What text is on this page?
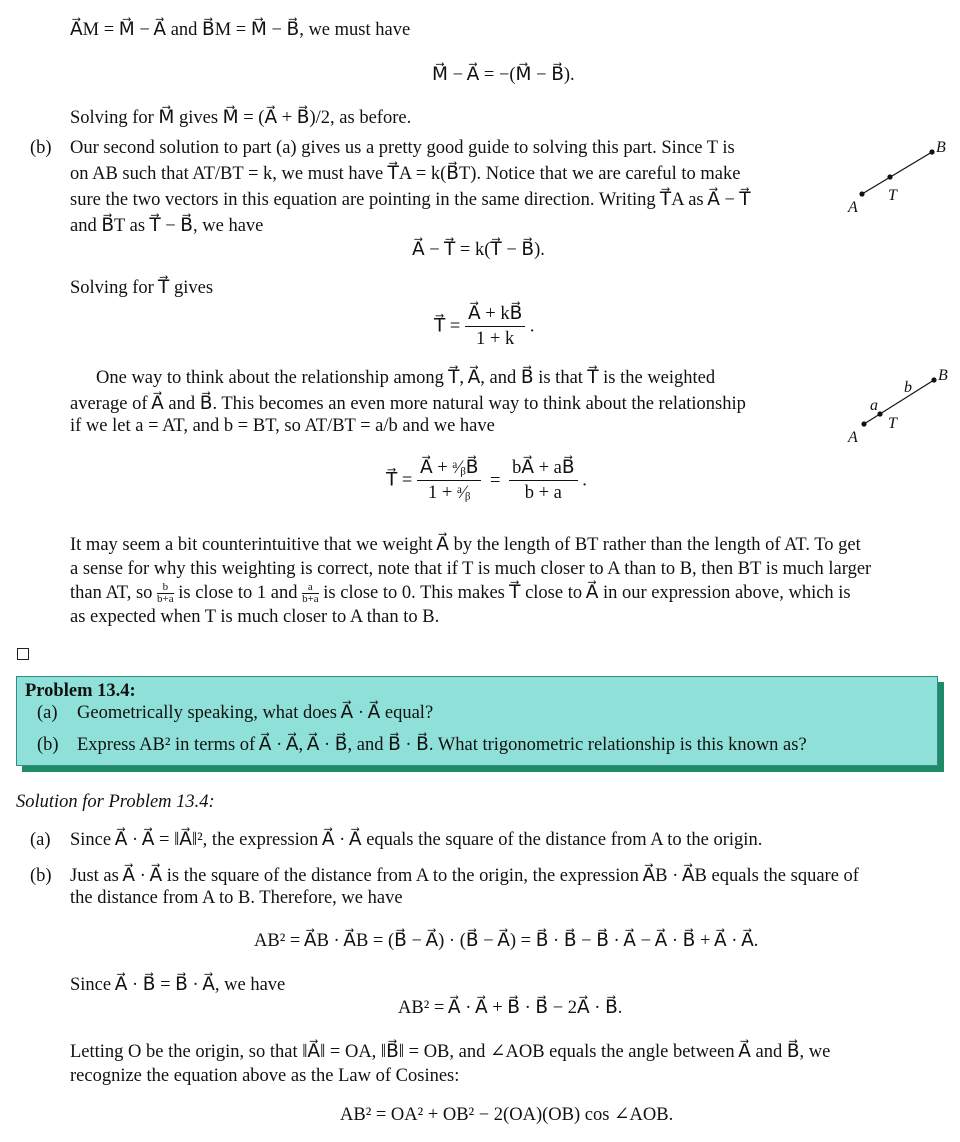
A⃗M = M⃗ − A⃗ and B⃗M = M⃗ − B⃗, we must have
M⃗ − A⃗ = −(M⃗ − B⃗).
Solving for M⃗ gives M⃗ = (A⃗ + B⃗)/2, as before.
(b) Our second solution to part (a) gives us a pretty good guide to solving this part. Since T is
on AB such that AT/BT = k, we must have T⃗A = k(B⃗T). Notice that we are careful to make
sure the two vectors in this equation are pointing in the same direction. Writing T⃗A as A⃗ − T⃗
and B⃗T as T⃗ − B⃗, we have
A⃗ − T⃗ = k(T⃗ − B⃗).
Solving for T⃗ gives
T⃗ = $\frac{A⃗ + kB⃗}{1 + k}$ .
One way to think about the relationship among T⃗, A⃗, and B⃗ is that T⃗ is the weighted
average of A⃗ and B⃗. This becomes an even more natural way to think about the relationship
if we let a = AT, and b = BT, so AT/BT = a/b and we have
T⃗ = $\frac{\text{A⃗ + ᵃ⁄ᵦB⃗}}{\text{1 + ᵃ⁄ᵦ}} = \frac{bA⃗ + aB⃗}{b + a}$ .
It may seem a bit counterintuitive that we weight A⃗ by the length of BT rather than the length of AT. To get
a sense for why this weighting is correct, note that if T is much closer to A than to B, then BT is much larger
than AT, so $\frac{b}{b+a}$ is close to 1 and $\frac{a}{b+a}$ is close to 0. This makes T⃗ close to A⃗ in our expression above, which is
as expected when T is much closer to A than to B.
A
T
B
A
T
B
a
b
Problem 13.4:
(a) Geometrically speaking, what does A⃗ · A⃗ equal?
(b) Express AB² in terms of A⃗ · A⃗, A⃗ · B⃗, and B⃗ · B⃗. What trigonometric relationship is this known as?
Solution for Problem 13.4:
(a) Since A⃗ · A⃗ = ‖A⃗‖², the expression A⃗ · A⃗ equals the square of the distance from A to the origin.
(b) Just as A⃗ · A⃗ is the square of the distance from A to the origin, the expression A⃗B · A⃗B equals the square of
the distance from A to B. Therefore, we have
AB² = A⃗B · A⃗B = (B⃗ − A⃗) · (B⃗ − A⃗) = B⃗ · B⃗ − B⃗ · A⃗ − A⃗ · B⃗ + A⃗ · A⃗.
Since A⃗ · B⃗ = B⃗ · A⃗, we have
AB² = A⃗ · A⃗ + B⃗ · B⃗ − 2A⃗ · B⃗.
Letting O be the origin, so that ‖A⃗‖ = OA, ‖B⃗‖ = OB, and ∠AOB equals the angle between A⃗ and B⃗, we
recognize the equation above as the Law of Cosines:
AB² = OA² + OB² − 2(OA)(OB) cos ∠AOB.
